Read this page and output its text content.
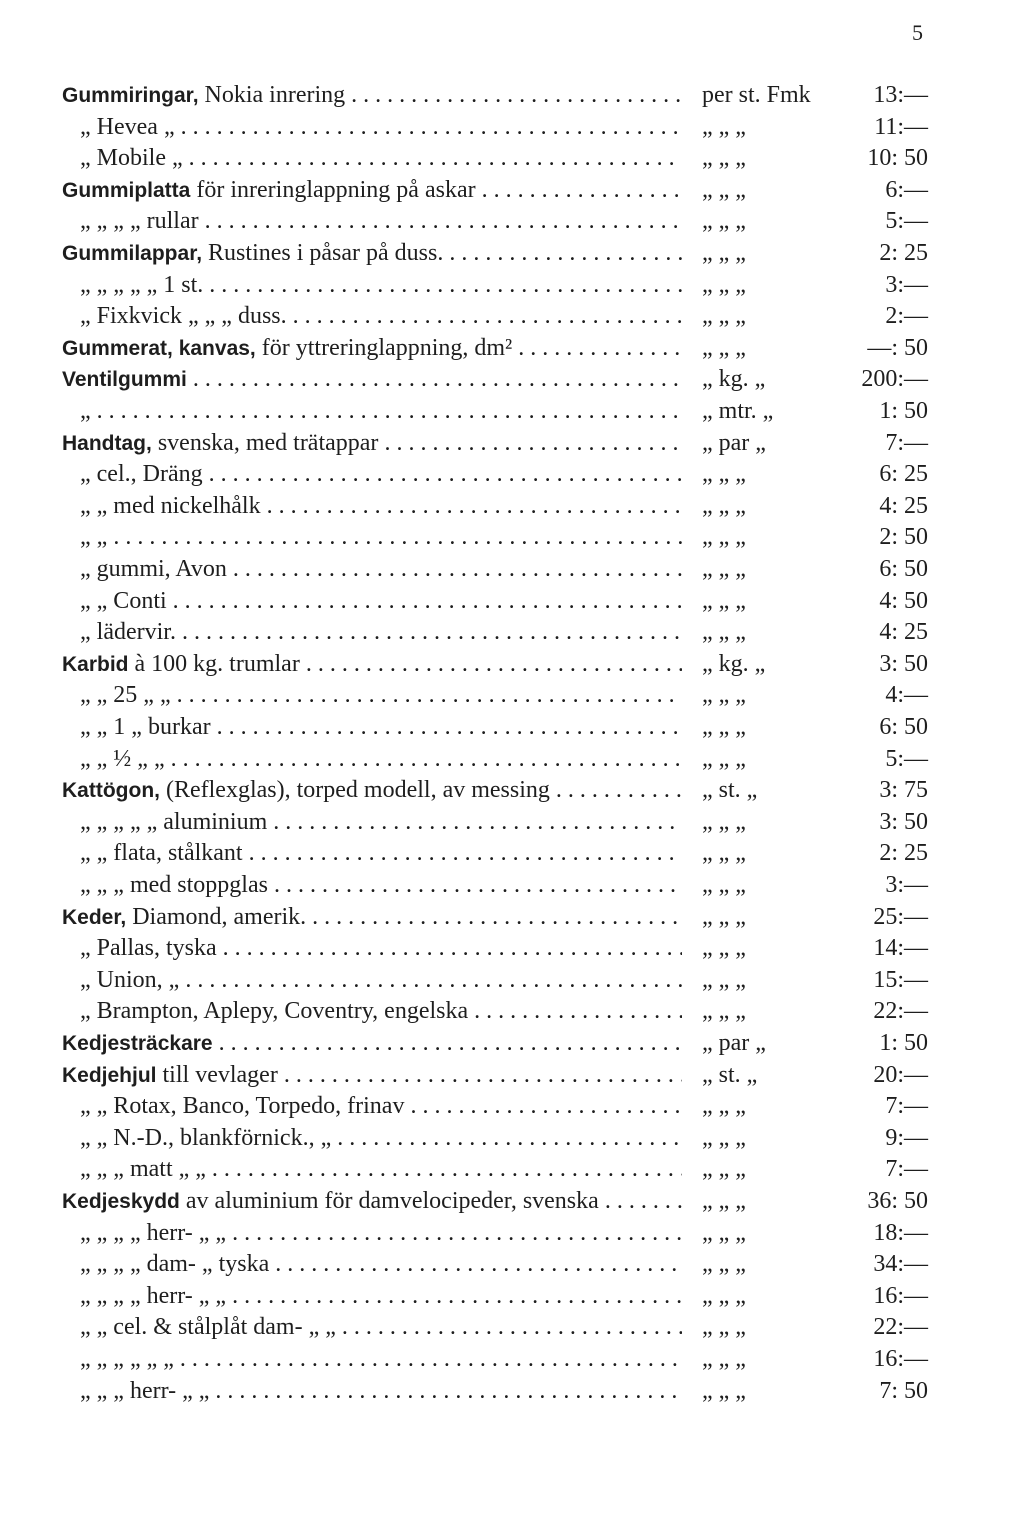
5
Gummiringar, Nokia inrering . . .	per st. Fmk	13:—
„ Hevea „ . . .	„ „ „	11:—
„ Mobile „ . . .	„ „ „	10: 50
Gummiplatta för inreringlappning på askar . . .	„ „ „	6:—
„ „ „ „ rullar . . .	„ „ „	5:—
Gummilappar, Rustines i påsar på duss. . . .	„ „ „	2: 25
„ „ „ „ „ 1 st. . . .	„ „ „	3:—
„ Fixkvick „ „ „ duss. . . .	„ „ „	2:—
Gummerat, kanvas, för yttreringlappning, dm² . . .	„ „ „	—: 50
Ventilgummi . . .	„ kg. „	200:—
„ . . .	„ mtr. „	1: 50
Handtag, svenska, med trätappar . . .	„ par „	7:—
„ cel., Dräng . . .	„ „ „	6: 25
„ „ med nickelhålk . . .	„ „ „	4: 25
„ „ . . .	„ „ „	2: 50
„ gummi, Avon . . .	„ „ „	6: 50
„ „ Conti . . .	„ „ „	4: 50
„ lädervir. . . .	„ „ „	4: 25
Karbid à 100 kg. trumlar . . .	„ kg. „	3: 50
„ „ 25 „ „ . . .	„ „ „	4:—
„ „ 1 „ burkar . . .	„ „ „	6: 50
„ „ ½ „ „ . . .	„ „ „	5:—
Kattögon, (Reflexglas), torped modell, av messing . . .	„ st. „	3: 75
„ „ „ „ „ aluminium . . .	„ „ „	3: 50
„ „ flata, stålkant . . .	„ „ „	2: 25
„ „ „ med stoppglas . . .	„ „ „	3:—
Keder, Diamond, amerik. . . .	„ „ „	25:—
„ Pallas, tyska . . .	„ „ „	14:—
„ Union, „ . . .	„ „ „	15:—
„ Brampton, Aplepy, Coventry, engelska . . .	„ „ „	22:—
Kedjesträckare . . .	„ par „	1: 50
Kedjehjul till vevlager . . .	„ st. „	20:—
„ „ Rotax, Banco, Torpedo, frinav . . .	„ „ „	7:—
„ „ N.-D., blankförnick., „ . . .	„ „ „	9:—
„ „ „ matt „ „ . . .	„ „ „	7:—
Kedjeskydd av aluminium för damvelocipeder, svenska . . .	„ „ „	36: 50
„ „ „ „ herr- „ „ . . .	„ „ „	18:—
„ „ „ „ dam- „ tyska . . .	„ „ „	34:—
„ „ „ „ herr- „ „ . . .	„ „ „	16:—
„ „ cel. & stålplåt dam- „ „ . . .	„ „ „	22:—
„ „ „ „ „ „ . . .	„ „ „	16:—
„ „ „ herr- „ „ . . .	„ „ „	7: 50
